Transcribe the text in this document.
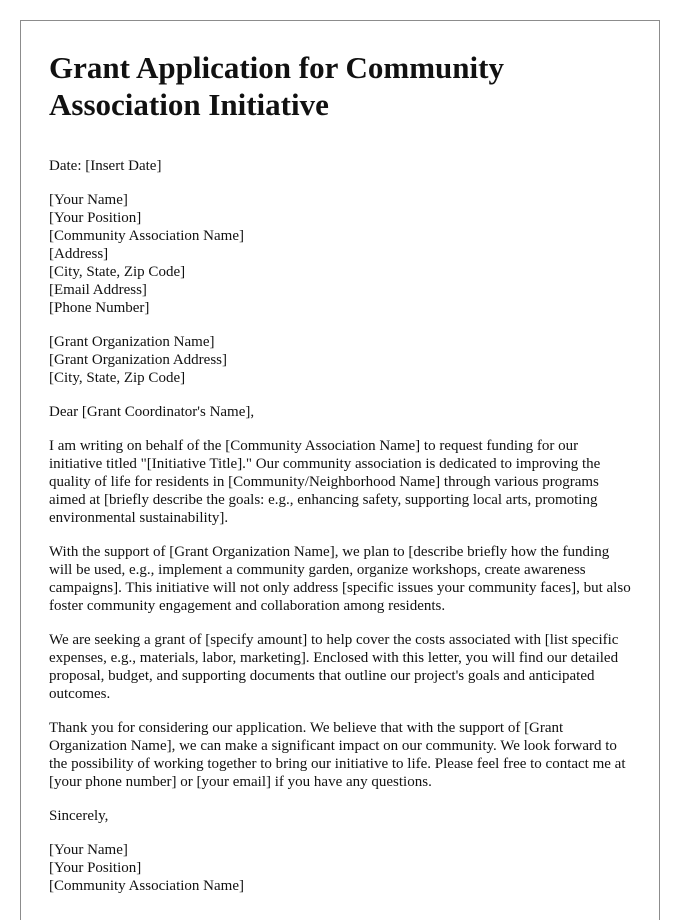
Grant Application for Community Association Initiative
Date: [Insert Date]
[Your Name]
[Your Position]
[Community Association Name]
[Address]
[City, State, Zip Code]
[Email Address]
[Phone Number]
[Grant Organization Name]
[Grant Organization Address]
[City, State, Zip Code]
Dear [Grant Coordinator's Name],

I am writing on behalf of the [Community Association Name] to request funding for our initiative titled "[Initiative Title]." Our community association is dedicated to improving the quality of life for residents in [Community/Neighborhood Name] through various programs aimed at [briefly describe the goals: e.g., enhancing safety, supporting local arts, promoting environmental sustainability].

With the support of [Grant Organization Name], we plan to [describe briefly how the funding will be used, e.g., implement a community garden, organize workshops, create awareness campaigns]. This initiative will not only address [specific issues your community faces], but also foster community engagement and collaboration among residents.

We are seeking a grant of [specify amount] to help cover the costs associated with [list specific expenses, e.g., materials, labor, marketing]. Enclosed with this letter, you will find our detailed proposal, budget, and supporting documents that outline our project's goals and anticipated outcomes.

Thank you for considering our application. We believe that with the support of [Grant Organization Name], we can make a significant impact on our community. We look forward to the possibility of working together to bring our initiative to life. Please feel free to contact me at [your phone number] or [your email] if you have any questions.

Sincerely,
[Your Name]
[Your Position]
[Community Association Name]
